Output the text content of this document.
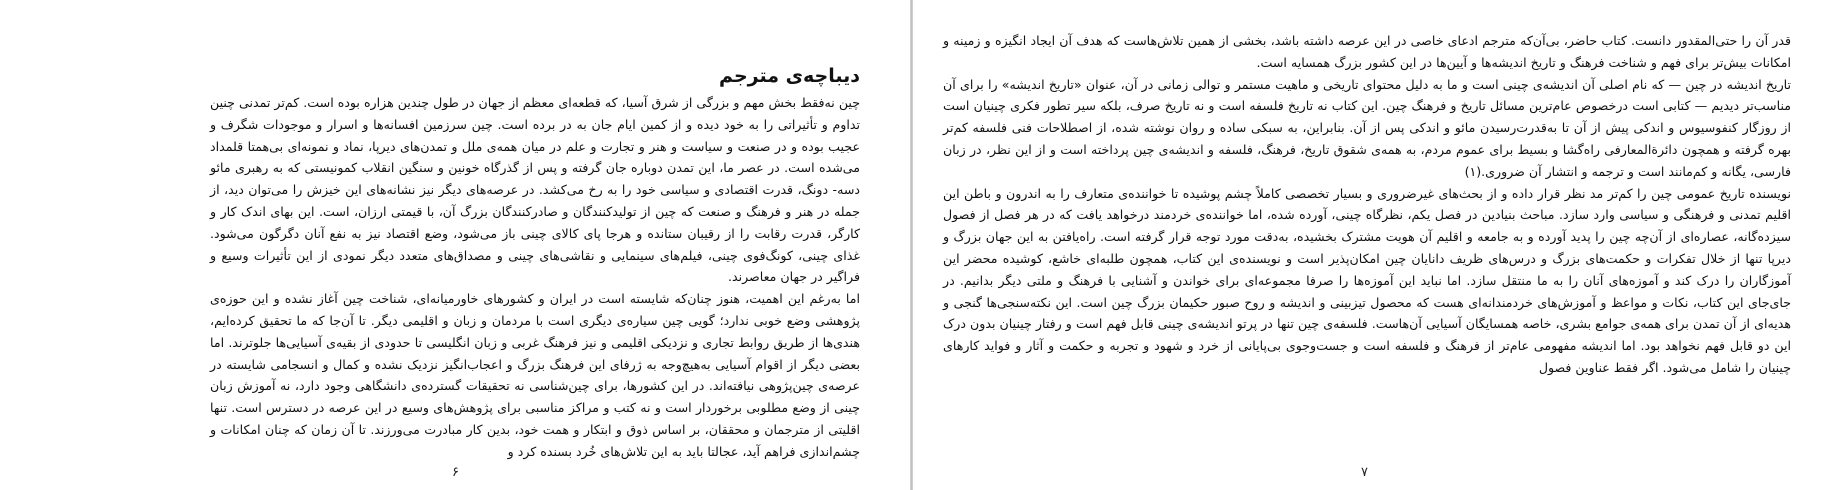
دیباچه‌ی مترجم

چین نه‌فقط بخش مهم و بزرگی از شرق آسیا، که قطعه‌ای معظم از جهان در طول چندین هزاره بوده است. کم‌تر تمدنی چنین تداوم و تأثیراتی را به خود دیده و از کمین ایام جان به در برده است. چین سرزمین افسانه‌ها و اسرار و موجودات شگرف و عجیب بوده و در صنعت و سیاست و هنر و تجارت و علم در میان همه‌ی ملل و تمدن‌های دیرپا، نماد و نمونه‌ای بی‌همتا قلمداد می‌شده است. در عصر ما، این تمدن دوباره جان گرفته و پس از گذرگاه خونین و سنگین انقلاب کمونیستی که به رهبری مائو دسه- دونگ، قدرت اقتصادی و سیاسی خود را به رخ می‌کشد. در عرصه‌های دیگر نیز نشانه‌های این خیزش را می‌توان دید، از جمله در هنر و فرهنگ و صنعت که چین از تولیدکنندگان و صادرکنندگان بزرگ آن، با قیمتی ارزان، است. این بهای اندک کار و کارگر، قدرت رقابت را از رقیبان ستانده و هرجا پای کالای چینی باز می‌شود، وضع اقتصاد نیز به نفع آنان دگرگون می‌شود. غذای چینی، کونگ‌فوی چینی، فیلم‌های سینمایی و نقاشی‌های چینی و مصداق‌های متعدد دیگر نمودی از این تأثیرات وسیع و فراگیر در جهان معاصرند.

اما به‌رغم این اهمیت، هنوز چنان‌که شایسته است در ایران و کشورهای خاورمیانه‌ای، شناخت چین آغاز نشده و این حوزه‌ی پژوهشی وضع خوبی ندارد؛ گویی چین سیاره‌ی دیگری است با مردمان و زبان و اقلیمی دیگر. تا آن‌جا که ما تحقیق کرده‌ایم، هندی‌ها از طریق روابط تجاری و نزدیکی اقلیمی و نیز فرهنگ غربی و زبان انگلیسی تا حدودی از بقیه‌ی آسیایی‌ها جلوترند. اما بعضی دیگر از اقوام آسیایی به‌هیچ‌وجه به ژرفای این فرهنگ بزرگ و اعجاب‌انگیز نزدیک نشده و کمال و انسجامی شایسته در عرصه‌ی چین‌پژوهی نیافته‌اند. در این کشورها، برای چین‌شناسی نه تحقیقات گسترده‌ی دانشگاهی وجود دارد، نه آموزش زبان چینی از وضع مطلوبی برخوردار است و نه کتب و مراکز مناسبی برای پژوهش‌های وسیع در این عرصه در دسترس است. تنها اقلیتی از مترجمان و محققان، بر اساس ذوق و ابتکار و همت خود، بدین کار مبادرت می‌ورزند. تا آن زمان که چنان امکانات و چشم‌اندازی فراهم آید، عجالتا باید به این تلاش‌های خُرد بسنده کرد و

۶

قدر آن را حتی‌المقدور دانست. کتاب حاضر، بی‌آن‌که مترجم ادعای خاصی در این عرصه داشته باشد، بخشی از همین تلاش‌هاست که هدف آن ایجاد انگیزه و زمینه و امکانات بیش‌تر برای فهم و شناخت فرهنگ و تاریخ اندیشه‌ها و آیین‌ها در این کشور بزرگ همسایه است.

تاریخ اندیشه در چین — که نام اصلی آن اندیشه‌ی چینی است و ما به دلیل محتوای تاریخی و ماهیت مستمر و توالی زمانی در آن، عنوان «تاریخ اندیشه» را برای آن مناسب‌تر دیدیم — کتابی است درخصوص عام‌ترین مسائل تاریخ و فرهنگ چین. این کتاب نه تاریخ فلسفه است و نه تاریخ صرف، بلکه سیر تطور فکری چینیان است از روزگار کنفوسیوس و اندکی پیش از آن تا به‌قدرت‌رسیدن مائو و اندکی پس از آن. بنابراین، به سبکی ساده و روان نوشته شده، از اصطلاحات فنی فلسفه کم‌تر بهره گرفته و همچون دائرةالمعارفی راه‌گشا و بسیط برای عموم مردم، به همه‌ی شقوق تاریخ، فرهنگ، فلسفه و اندیشه‌ی چین پرداخته است و از این نظر، در زبان فارسی، یگانه و کم‌مانند است و ترجمه و انتشار آن ضروری.(۱)

نویسنده تاریخ عمومی چین را کم‌تر مد نظر قرار داده و از بحث‌های غیرضروری و بسیار تخصصی کاملاً چشم پوشیده تا خواننده‌ی متعارف را به اندرون و باطن این اقلیم تمدنی و فرهنگی و سیاسی وارد سازد. مباحث بنیادین در فصل یکم، نظرگاه چینی، آورده شده، اما خواننده‌ی خردمند درخواهد یافت که در هر فصل از فصول سیزده‌گانه، عصاره‌ای از آن‌چه چین را پدید آورده و به جامعه و اقلیم آن هویت مشترک بخشیده، به‌دقت مورد توجه قرار گرفته است. راه‌یافتن به این جهان بزرگ و دیرپا تنها از خلال تفکرات و حکمت‌های بزرگ و درس‌های ظریف دانایان چین امکان‌پذیر است و نویسنده‌ی این کتاب، همچون طلبه‌ای خاشع، کوشیده محضر این آموزگاران را درک کند و آموزه‌های آنان را به ما منتقل سازد. اما نباید این آموزه‌ها را صرفا مجموعه‌ای برای خواندن و آشنایی با فرهنگ و ملتی دیگر بدانیم. در جای‌جای این کتاب، نکات و مواعظ و آموزش‌های خردمندانه‌ای هست که محصول تیزبینی و اندیشه و روح صبور حکیمان بزرگ چین است. این نکته‌سنجی‌ها گنجی و هدیه‌ای از آن تمدن برای همه‌ی جوامع بشری، خاصه همسایگان آسیایی آن‌هاست. فلسفه‌ی چین تنها در پرتو اندیشه‌ی چینی قابل فهم است و رفتار چینیان بدون درک این دو قابل فهم نخواهد بود. اما اندیشه مفهومی عام‌تر از فرهنگ و فلسفه است و جست‌وجوی بی‌پایانی از خرد و شهود و تجربه و حکمت و آثار و فواید کارهای چینیان را شامل می‌شود. اگر فقط عناوین فصول

۷
